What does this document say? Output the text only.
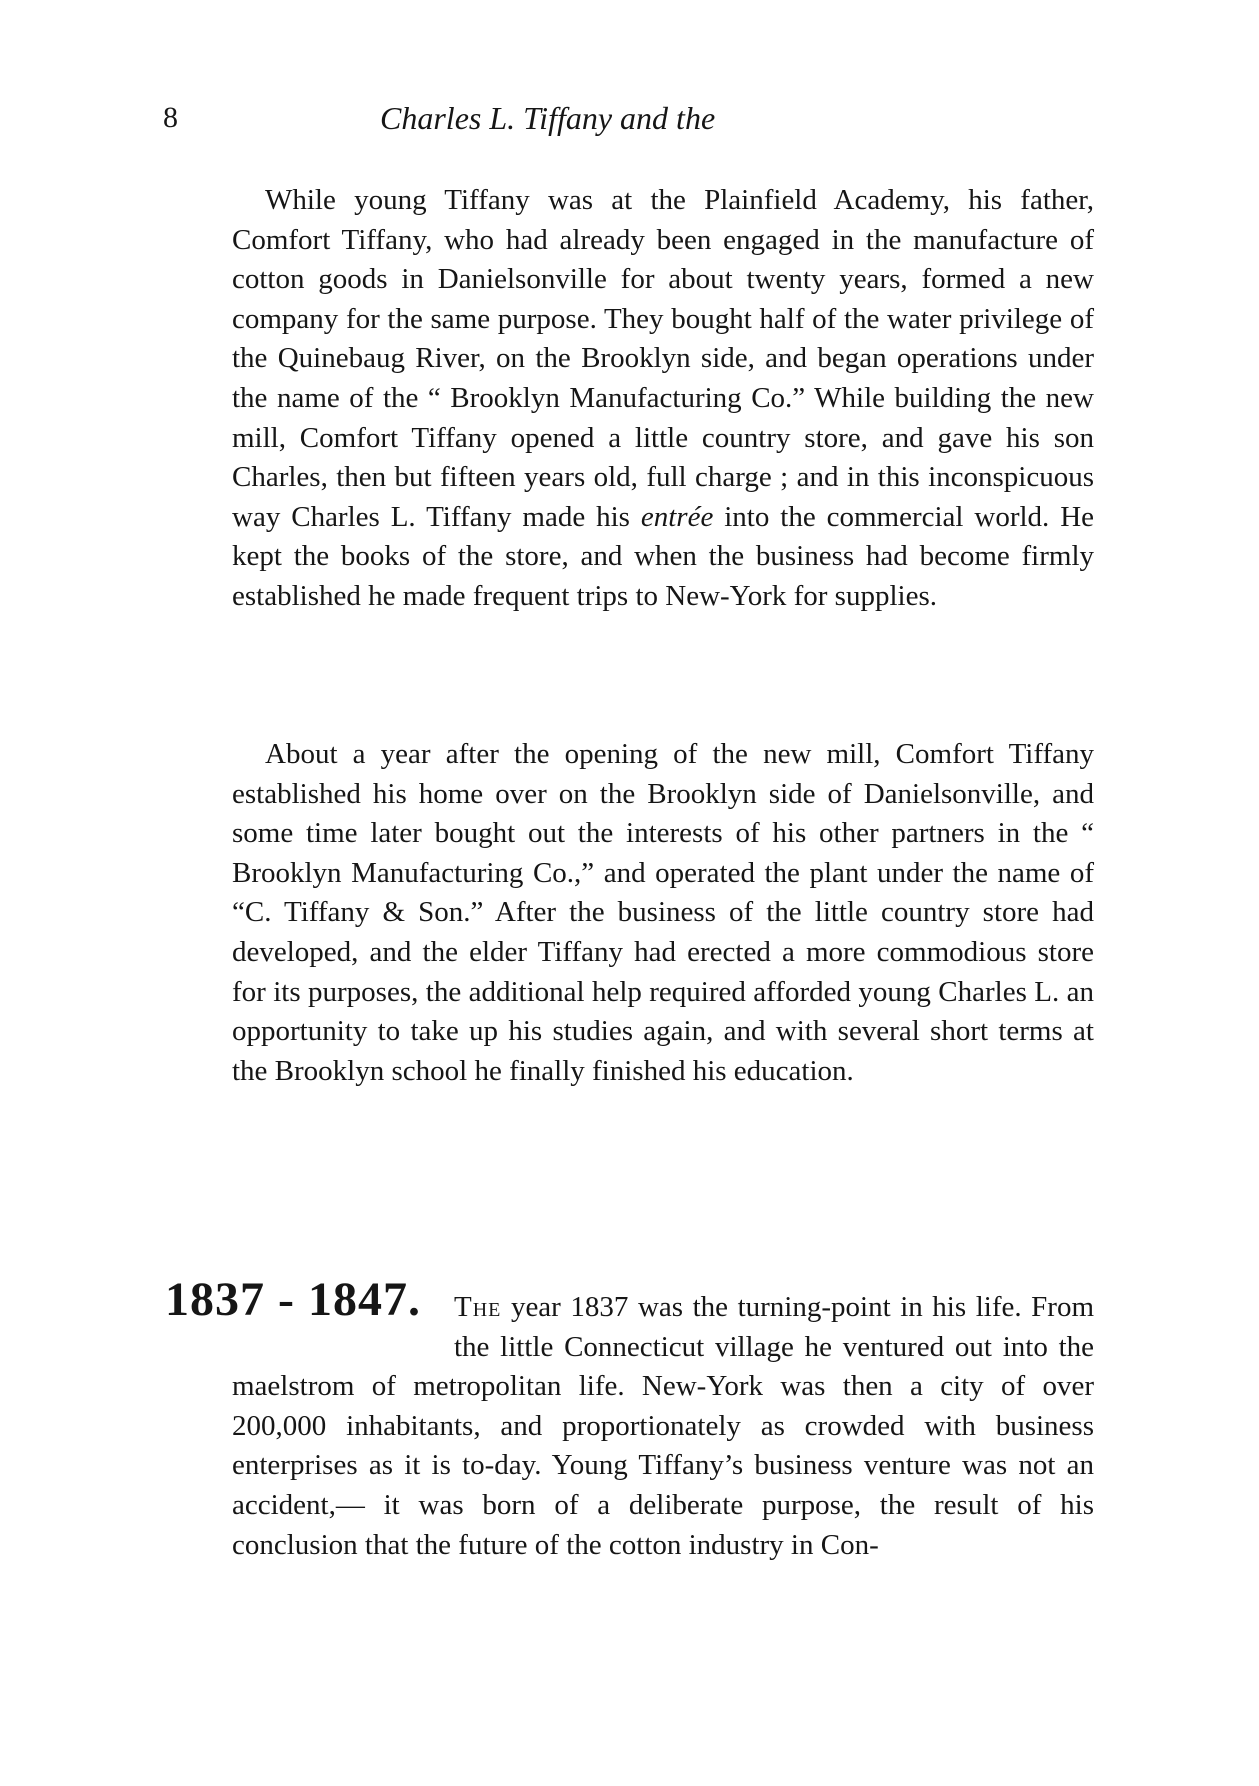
8	Charles L. Tiffany and the

While young Tiffany was at the Plainfield Academy, his father, Comfort Tiffany, who had already been engaged in the manufacture of cotton goods in Danielsonville for about twenty years, formed a new company for the same purpose. They bought half of the water privilege of the Quinebaug River, on the Brooklyn side, and began operations under the name of the “ Brooklyn Manufacturing Co.” While building the new mill, Comfort Tiffany opened a little country store, and gave his son Charles, then but fifteen years old, full charge ; and in this inconspicuous way Charles L. Tiffany made his entrée into the commercial world. He kept the books of the store, and when the business had become firmly established he made frequent trips to New-York for supplies.

About a year after the opening of the new mill, Comfort Tiffany established his home over on the Brooklyn side of Danielsonville, and some time later bought out the interests of his other partners in the “ Brooklyn Manufacturing Co.,” and operated the plant under the name of “C. Tiffany & Son.” After the business of the little country store had developed, and the elder Tiffany had erected a more commodious store for its purposes, the additional help required afforded young Charles L. an opportunity to take up his studies again, and with several short terms at the Brooklyn school he finally finished his education.

1837 - 1847.	The year 1837 was the turning-point in his life. From the little Connecticut village he ventured out into the maelstrom of metropolitan life. New-York was then a city of over 200,000 inhabitants, and proportionately as crowded with business enterprises as it is to-day. Young Tiffany’s business venture was not an accident,— it was born of a deliberate purpose, the result of his conclusion that the future of the cotton industry in Con-
